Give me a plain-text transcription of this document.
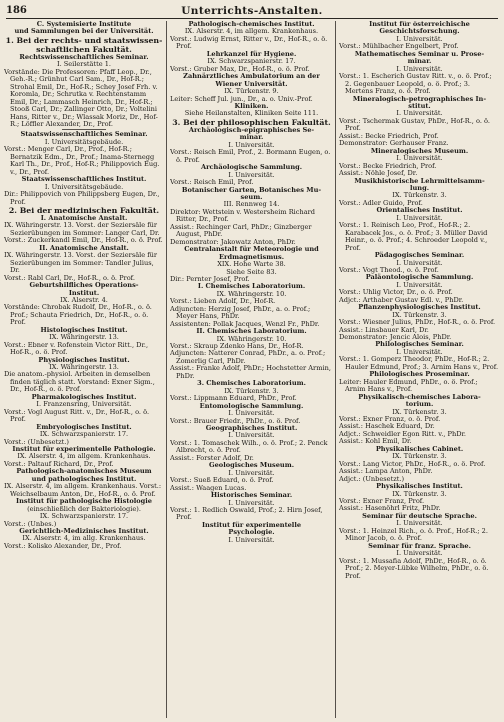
186	Unterrichts-Anstalten.
C. Systemisierte Institute
und Sammlungen bei der Universität.
1. Bei der rechts- und staatswissen-
schaftlichen Fakultät.
Rechtswissenschaftliches Seminar.
I. Seilerstätte 1.
Vorstände: Die Professoren: Pfaff Leop., Dr., Geh.-R.; Grünhut Carl Sam., Dr., Hof-R.; Strohal Emil, Dr., Hof-R.; Schey Josef Frh. v. Koromla, Dr.; Schrutka v. Rechtenstamm Emil, Dr.; Lammasch Heinrich, Dr., Hof-R.; Stooß Carl, Dr.; Zallinger Otto, Dr.; Voltelini Hans, Ritter v., Dr.; Wlassak Moriz, Dr., Hof-R.; Löffler Alexander, Dr., Prof.
Staatswissenschaftliches Seminar.
I. Universitätsgebäude.
Vorst.: Menger Carl, Dr., Prof., Hof-R.; Bernatzik Edm., Dr., Prof.; Inama-Sternegg Karl Th., Dr., Prof., Hof-R.; Philippovich Eug. v., Dr., Prof.
Staatswissenschaftliches Institut.
I. Universitätsgebäude.
Dir.: Philippovich von Philippsberg Eugen, Dr., Prof.
2. Bei der medizinischen Fakultät.
I. Anatomische Anstalt.
IX. Währingerstr. 13. Vorst. der Seziersäle für Sezierübungen im Sommer: Langer Carl, Dr.
Vorst.: Zuckerkandl Emil, Dr., Hof-R., o. ö. Prof.
II. Anatomische Anstalt.
IX. Währingerstr. 13. Vorst. der Seziersäle für Sezierübungen im Sommer: Tandler Julius, Dr.
Vorst.: Rabl Carl, Dr., Hof-R., o. ö. Prof.
Geburtshilfliches Operations-
Institut.
IX. Alserstr. 4.
Vorstände: Chrobak Rudolf, Dr., Hof-R., o. ö. Prof.; Schauta Friedrich, Dr., Hof-R., o. ö. Prof.
Histologisches Institut.
IX. Währingerstr. 13.
Vorst.: Ebner v. Rofenstein Victor Ritt., Dr., Hof-R., o. ö. Prof.
Physiologisches Institut.
IX. Währingerstr. 13.
Die anatom.-physiol. Arbeiten in demselben finden täglich statt. Vorstand: Exner Sigm., Dr., Hof-R., o. ö. Prof.
Pharmakologisches Institut.
I. Franzensring, Universität.
Vorst.: Vogl August Ritt. v., Dr., Hof-R., o. ö. Prof.
Embryologisches Institut.
IX. Schwarzspanierstr. 17.
Vorst.: (Unbesetzt.)
Institut für experimentelle Pathologie.
IX. Alserstr. 4, im allgem. Krankenhaus.
Vorst.: Paltauf Richard, Dr., Prof.
Pathologisch-anatomisches Museum
und pathologisches Institut.
IX. Alserstr. 4, im allgem. Krankenhaus. Vorst.: Weichselbaum Anton, Dr., Hof-R., o. ö. Prof.
Institut für pathologische Histologie
(einschließlich der Bakteriologie).
IX. Schwarzspanierstr. 17.
Vorst.: (Unbes.)
Gerichtlich-Medizinisches Institut.
IX. Alserstr. 4, im allg. Krankenhaus.
Vorst.: Kolisko Alexander, Dr., Prof.
Pathologisch-chemisches Institut.
IX. Alserstr. 4, im allgem. Krankenhaus.
Vorst.: Ludwig Ernst, Ritter v., Dr., Hof-R., o. ö. Prof.
Lehrkanzel für Hygiene.
IX. Schwarzspanierstr. 17.
Vorst.: Gruber Max, Dr., Hof-R., o. ö. Prof.
Zahnärztliches Ambulatorium an der
Wiener Universität.
IX. Türkenstr. 9.
Leiter: Scheff Jul. jun., Dr., a. o. Univ.-Prof.
Kliniken.
Siehe Heilanstalten, Kliniken Seite 111.
3. Bei der philosophischen Fakultät.
Archäologisch-epigraphisches Se-
minar.
I. Universität.
Vorst.: Reisch Emil, Prof., 2. Bormann Eugen, o. ö. Prof.
Archäologische Sammlung.
I. Universität.
Vorst.: Reisch Emil, Prof.
Botanischer Garten, Botanisches Mu-
seum.
III. Rennweg 14.
Direktor: Wettstein v. Westersheim Richard Ritter, Dr., Prof.
Assist.: Rechinger Carl, PhDr.; Ginzberger August, PhDr.
Demonstrator: Jakowatz Anton, PhDr.
Centralanstalt für Meteorologie und
Erdmagnetismus.
XIX. Hohe Warte 38.
Siehe Seite 83.
Dir.: Pernter Josef, Prof.
I. Chemisches Laboratorium.
IX. Währingerstr. 10.
Vorst.: Lieben Adolf, Dr., Hof-R.
Adjuncten: Herzig Josef, PhDr., a. o. Prof.; Meyer Hans, PhDr.
Assistenten: Pollak Jacques, Wenzl Fr., PhDr.
II. Chemisches Laboratorium.
IX. Währingerstr. 10.
Vorst.: Skraup Zdenko Hans, Dr., Hof-R.
Adjuncten: Natterer Conrad, PhDr., a. o. Prof.; Zomerlig Carl, PhDr.
Assist.: Franke Adolf, PhDr.; Hochstetter Armin, PhDr.
3. Chemisches Laboratorium.
IX. Türkenstr. 3.
Vorst.: Lippmann Eduard, PhDr., Prof.
Entomologische Sammlung.
I. Universität.
Vorst.: Brauer Friedr., PhDr., o. ö. Prof.
Geographisches Institut.
I. Universität.
Vorst.: 1. Tomaschek Wilh., o. ö. Prof.; 2. Penck Albrecht, o. ö. Prof.
Assist.: Forster Adolf, Dr.
Geologisches Museum.
I. Universität.
Vorst.: Sueß Eduard, o. ö. Prof.
Assist.: Waagen Lucas.
Historisches Seminar.
I. Universität.
Vorst.: 1. Redlich Oswald, Prof.; 2. Hirn Josef, Prof.
Institut für experimentelle
Psychologie.
I. Universität.
Institut für österreichische
Geschichtsforschung.
I. Universität.
Vorst.: Mühlbacher Engelbert, Prof.
Mathematisches Seminar u. Prose-
minar.
I. Universität.
Vorst.: 1. Escherich Gustav Ritt. v., o. ö. Prof.; 2. Gegenbauer Leopold, o. ö. Prof.; 3. Mertens Franz, o. ö. Prof.
Mineralogisch-petrographisches In-
stitut.
I. Universität.
Vorst.: Tschermak Gustav, PhDr., Hof-R., o. ö. Prof.
Assist.: Becke Friedrich, Prof.
Demonstrator: Gerhauser Franz.
Mineralogisches Museum.
I. Universität.
Vorst.: Becke Friedrich, Prof.
Assist.: Nöhle Josef, Dr.
Musikhistorische Lehrmittelsamm-
lung.
IX. Türkenstr. 3.
Vorst.: Adler Guido, Prof.
Orientalisches Institut.
I. Universität.
Vorst.: 1. Reinisch Leo, Prof., Hof-R.; 2. Karabacek Jos., o. ö. Prof.; 3. Müller David Heinr., o. ö. Prof.; 4. Schroeder Leopold v., Prof.
Pädagogisches Seminar.
I. Universität.
Vorst.: Vogt Theod., o. ö. Prof.
Paläontologische Sammlung.
I. Universität.
Vorst.: Uhlig Victor, Dr., o. ö. Prof.
Adjct.: Arthaber Gustav Edl. v., PhDr.
Pflanzenphysiologisches Institut.
IX. Türkenstr. 3.
Vorst.: Wiesner Julius, PhDr., Hof-R., o. ö. Prof.
Assist.: Linsbauer Karl, Dr.
Demonstrator: Jencic Alois, PhDr.
Philologisches Seminar.
I. Universität.
Vorst.: 1. Gomperz Theodor, PhDr., Hof-R.; 2. Hauler Edmund, Prof.; 3. Arnim Hans v., Prof.
Philologisches Proseminar.
Leiter: Hauler Edmund, PhDr., o. ö. Prof.; Arnim Hans v., Prof.
Physikalisch-chemisches Labora-
torium.
IX. Türkenstr. 3.
Vorst.: Exner Franz, o. ö. Prof.
Assist.: Haschek Eduard, Dr.
Adjct.: Schweidler Egon Ritt. v., PhDr.
Assist.: Kohl Emil, Dr.
Physikalisches Cabinet.
IX. Türkenstr. 3.
Vorst.: Lang Victor, PhDr., Hof-R., o. ö. Prof.
Assist.: Lampa Anton, PhDr.
Adjct.: (Unbesetzt.)
Physikalisches Institut.
IX. Türkenstr. 3.
Vorst.: Exner Franz, Prof.
Assist.: Hasenöhrl Fritz, PhDr.
Seminar für deutsche Sprache.
I. Universität.
Vorst.: 1. Heinzel Rich., o. ö. Prof., Hof-R.; 2. Minor Jacob, o. ö. Prof.
Seminar für franz. Sprache.
I. Universität.
Vorst.: 1. Mussafia Adolf, PhDr., Hof-R., o. ö. Prof.; 2. Meyer-Lübke Wilhelm, PhDr., o. ö. Prof.
